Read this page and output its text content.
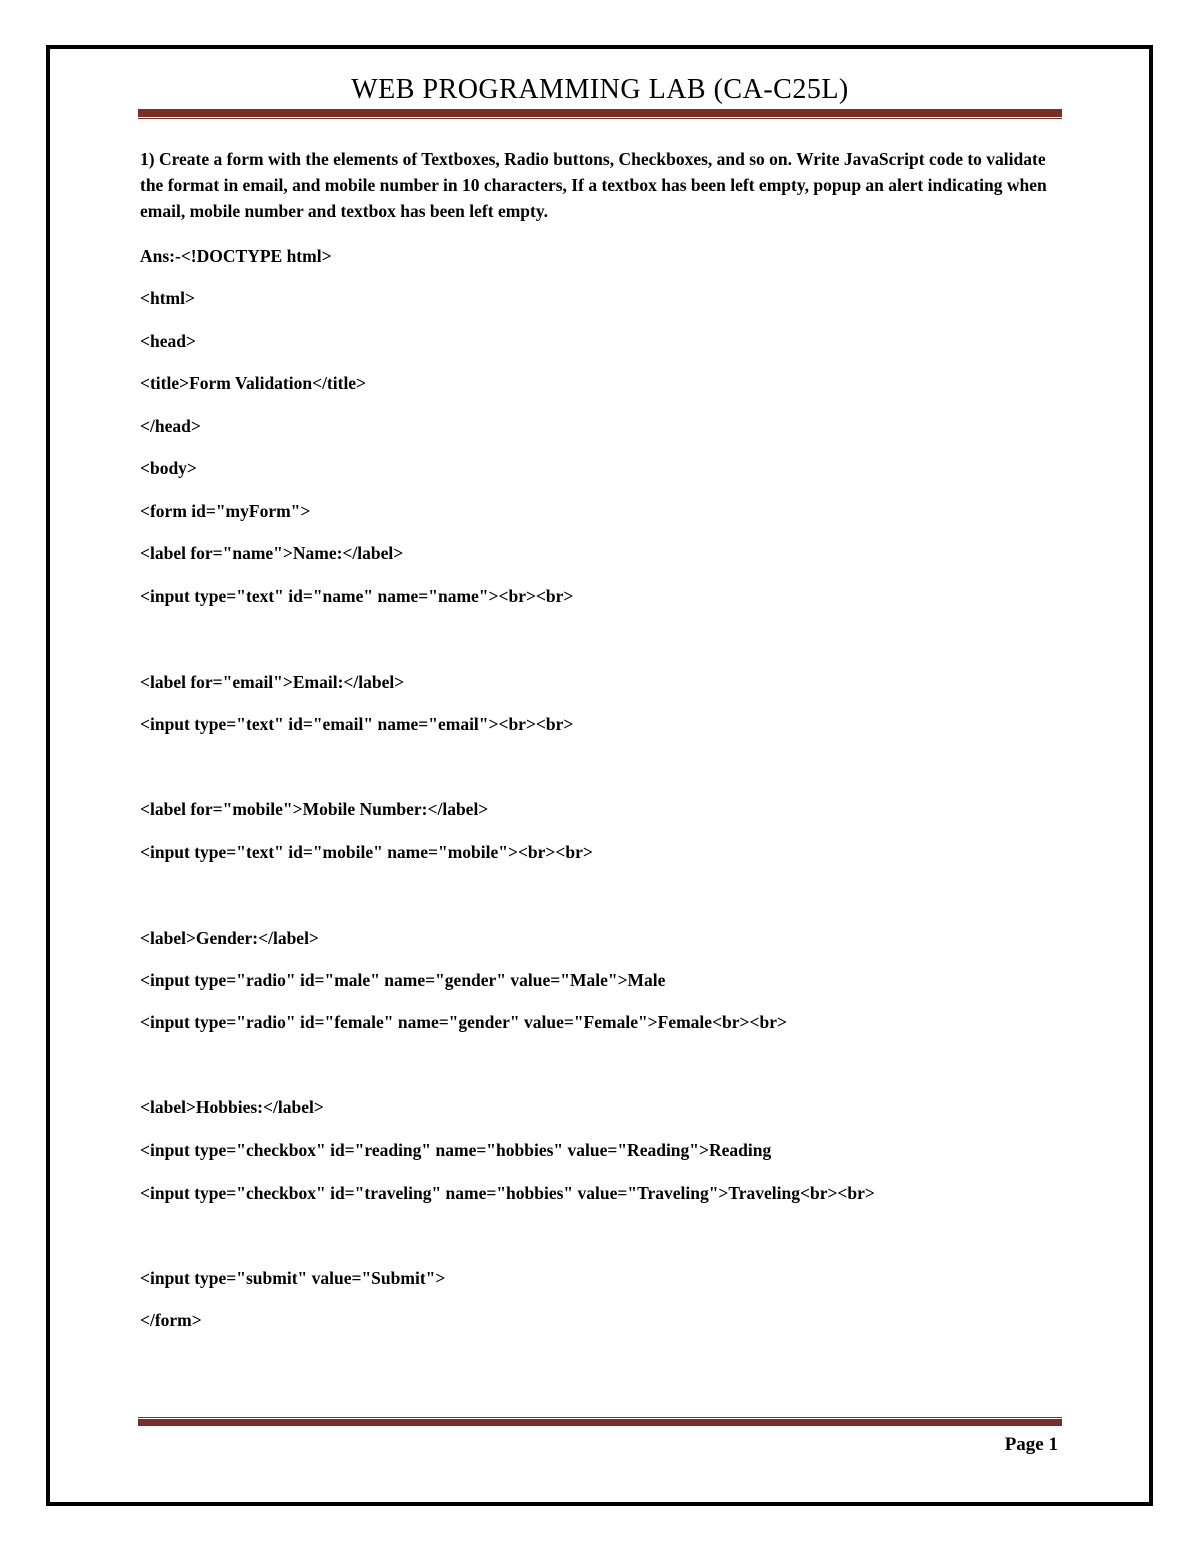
WEB PROGRAMMING LAB (CA-C25L)
1) Create a form with the elements of Textboxes, Radio buttons, Checkboxes, and so on. Write JavaScript code to validate the format in email, and mobile number in 10 characters, If a textbox has been left empty, popup an alert indicating when email, mobile number and textbox has been left empty.
Ans:-<!DOCTYPE html>
<html>
<head>
<title>Form Validation</title>
</head>
<body>
<form id="myForm">
<label for="name">Name:</label>
<input type="text" id="name" name="name"><br><br>
<label for="email">Email:</label>
<input type="text" id="email" name="email"><br><br>
<label for="mobile">Mobile Number:</label>
<input type="text" id="mobile" name="mobile"><br><br>
<label>Gender:</label>
<input type="radio" id="male" name="gender" value="Male">Male
<input type="radio" id="female" name="gender" value="Female">Female<br><br>
<label>Hobbies:</label>
<input type="checkbox" id="reading" name="hobbies" value="Reading">Reading
<input type="checkbox" id="traveling" name="hobbies" value="Traveling">Traveling<br><br>
<input type="submit" value="Submit">
</form>
Page 1
